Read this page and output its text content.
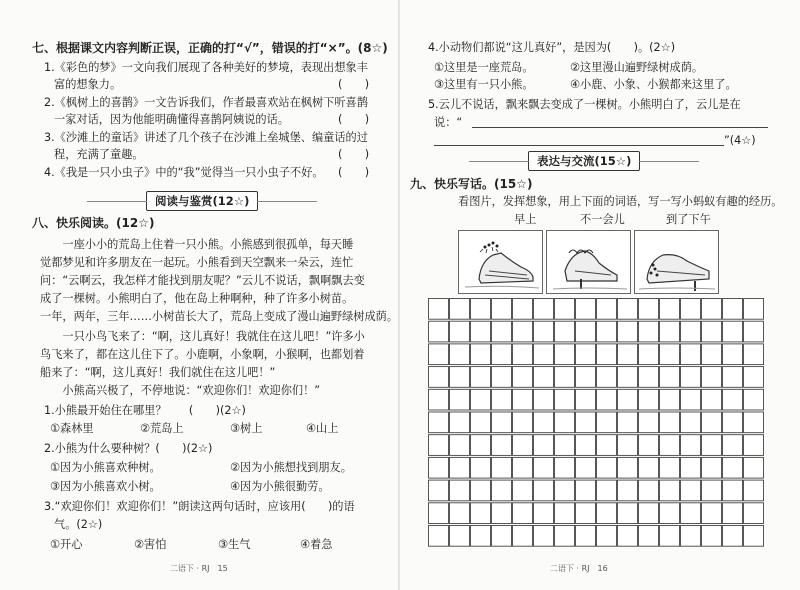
七、根据课文内容判断正误，正确的打“√”，错误的打“×”。(8☆)
1.《彩色的梦》一文向我们展现了各种美好的梦境，表现出想象丰
富的想象力。	(　　)
2.《枫树上的喜鹊》一文告诉我们，作者最喜欢站在枫树下听喜鹊
一家对话，因为他能明确懂得喜鹊阿姨说的话。	(　　)
3.《沙滩上的童话》讲述了几个孩子在沙滩上垒城堡、编童话的过
程，充满了童趣。	(　　)
4.《我是一只小虫子》中的“我”觉得当一只小虫子不好。 (　　)
阅读与鉴赏(12☆)
八、快乐阅读。(12☆)
　　一座小小的荒岛上住着一只小熊。小熊感到很孤单，每天睡
觉都梦见和许多朋友在一起玩。小熊看到天空飘来一朵云，连忙
问：“云啊云，我怎样才能找到朋友呢？”云儿不说话，飘啊飘去变
成了一棵树。小熊明白了，他在岛上种啊种，种了许多小树苗。
一年，两年，三年……小树苗长大了，荒岛上变成了漫山遍野绿树成荫。
　　一只小鸟飞来了：“啊，这儿真好！我就住在这儿吧！”许多小
鸟飞来了，都在这儿住下了。小鹿啊，小象啊，小猴啊，也都划着
船来了：“啊，这儿真好！我们就住在这儿吧！”
　　小熊高兴极了，不停地说：“欢迎你们！欢迎你们！”
1.小熊最开始住在哪里？　　(　　)(2☆)
①森林里	②荒岛上	③树上	④山上
2.小熊为什么要种树？(　　)(2☆)
①因为小熊喜欢种树。	②因为小熊想找到朋友。
③因为小熊喜欢小树。	④因为小熊很勤劳。
3.“欢迎你们！欢迎你们！”朗读这两句话时，应该用(　　)的语
气。(2☆)
①开心	②害怕	③生气	④着急
二语下 · RJ　15
4.小动物们都说“这儿真好”，是因为(　　)。(2☆)
①这里是一座荒岛。	②这里漫山遍野绿树成荫。
③这里有一只小熊。	④小鹿、小象、小猴都来这里了。
5.云儿不说话，飘来飘去变成了一棵树。小熊明白了，云儿是在
说：“
”(4☆)
表达与交流(15☆)
九、快乐写话。(15☆)
看图片，发挥想象，用上下面的词语，写一写小蚂蚁有趣的经历。
早上	不一会儿	到了下午
二语下 · RJ　16
